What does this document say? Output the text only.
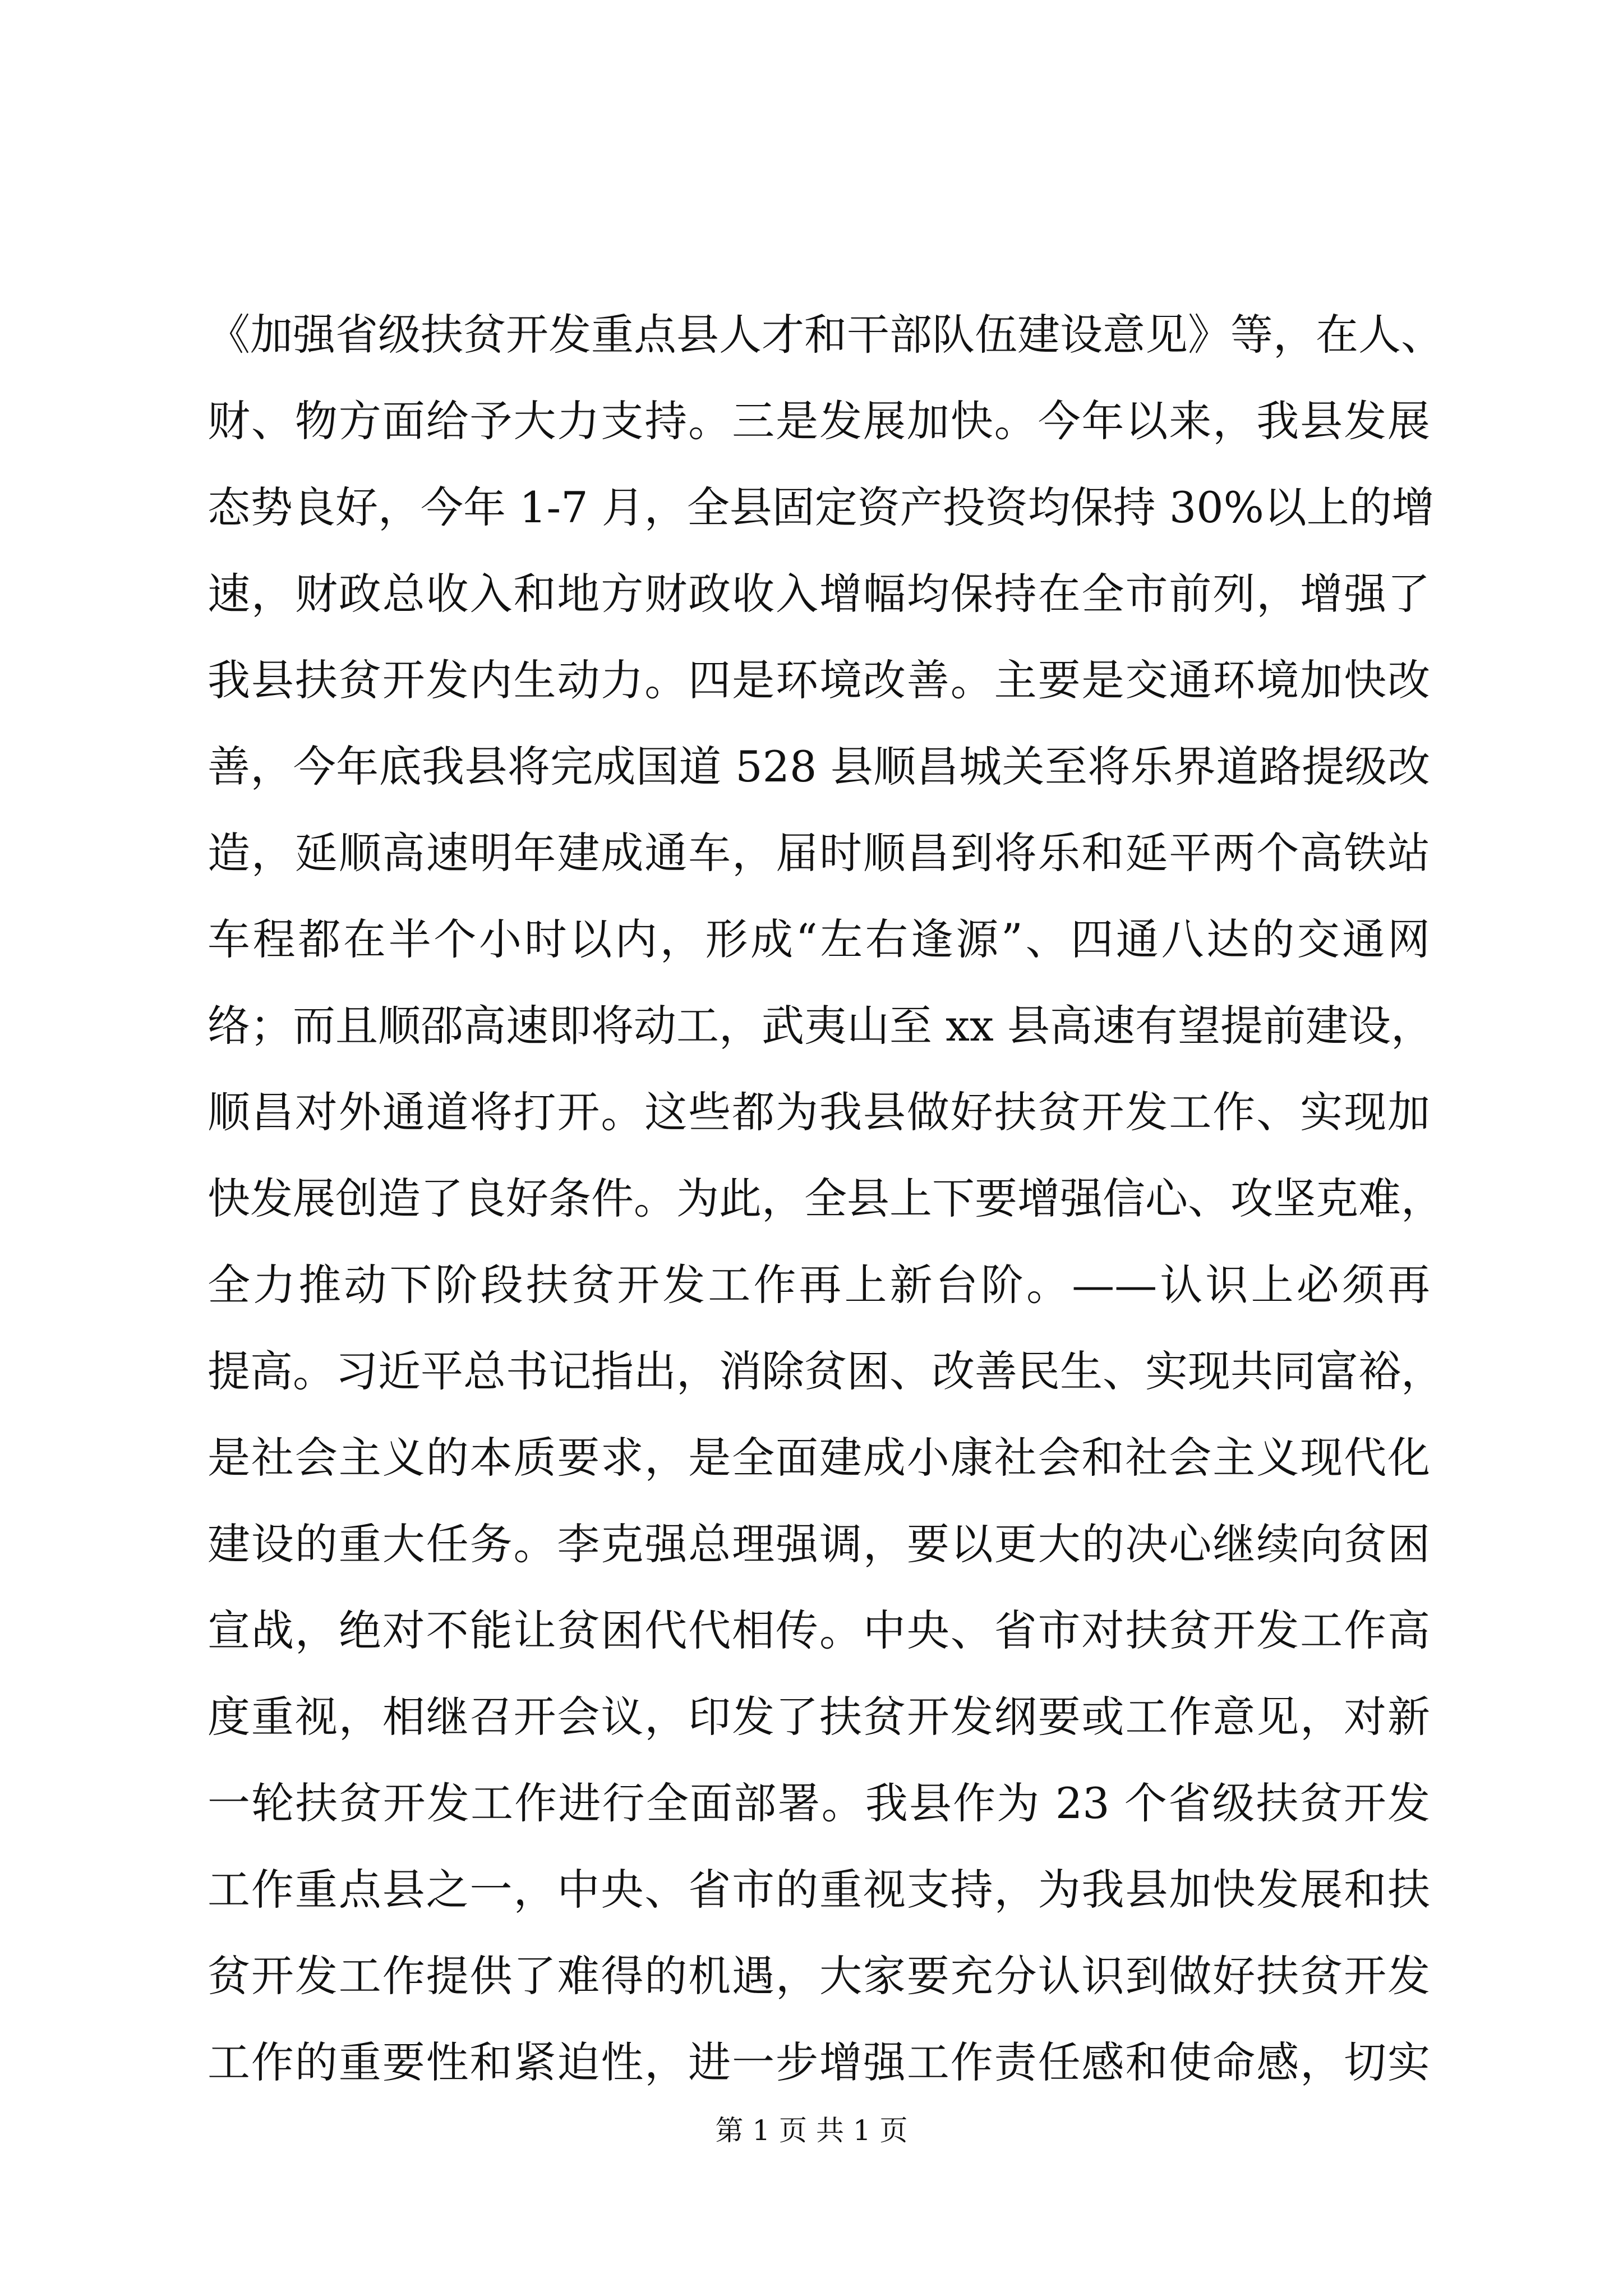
《加强省级扶贫开发重点县人才和干部队伍建设意见》等，在人、
财、物方面给予大力支持。三是发展加快。今年以来，我县发展
态势良好，今年 1-7 月，全县固定资产投资均保持 30%以上的增
速，财政总收入和地方财政收入增幅均保持在全市前列，增强了
我县扶贫开发内生动力。四是环境改善。主要是交通环境加快改
善，今年底我县将完成国道 528 县顺昌城关至将乐界道路提级改
造，延顺高速明年建成通车，届时顺昌到将乐和延平两个高铁站
车程都在半个小时以内，形成“左右逢源”、四通八达的交通网
络；而且顺邵高速即将动工，武夷山至 xx 县高速有望提前建设，
顺昌对外通道将打开。这些都为我县做好扶贫开发工作、实现加
快发展创造了良好条件。为此，全县上下要增强信心、攻坚克难，
全力推动下阶段扶贫开发工作再上新台阶。——认识上必须再
提高。习近平总书记指出，消除贫困、改善民生、实现共同富裕，
是社会主义的本质要求，是全面建成小康社会和社会主义现代化
建设的重大任务。李克强总理强调，要以更大的决心继续向贫困
宣战，绝对不能让贫困代代相传。中央、省市对扶贫开发工作高
度重视，相继召开会议，印发了扶贫开发纲要或工作意见，对新
一轮扶贫开发工作进行全面部署。我县作为 23 个省级扶贫开发
工作重点县之一，中央、省市的重视支持，为我县加快发展和扶
贫开发工作提供了难得的机遇，大家要充分认识到做好扶贫开发
工作的重要性和紧迫性，进一步增强工作责任感和使命感，切实
第 1 页 共 1 页
